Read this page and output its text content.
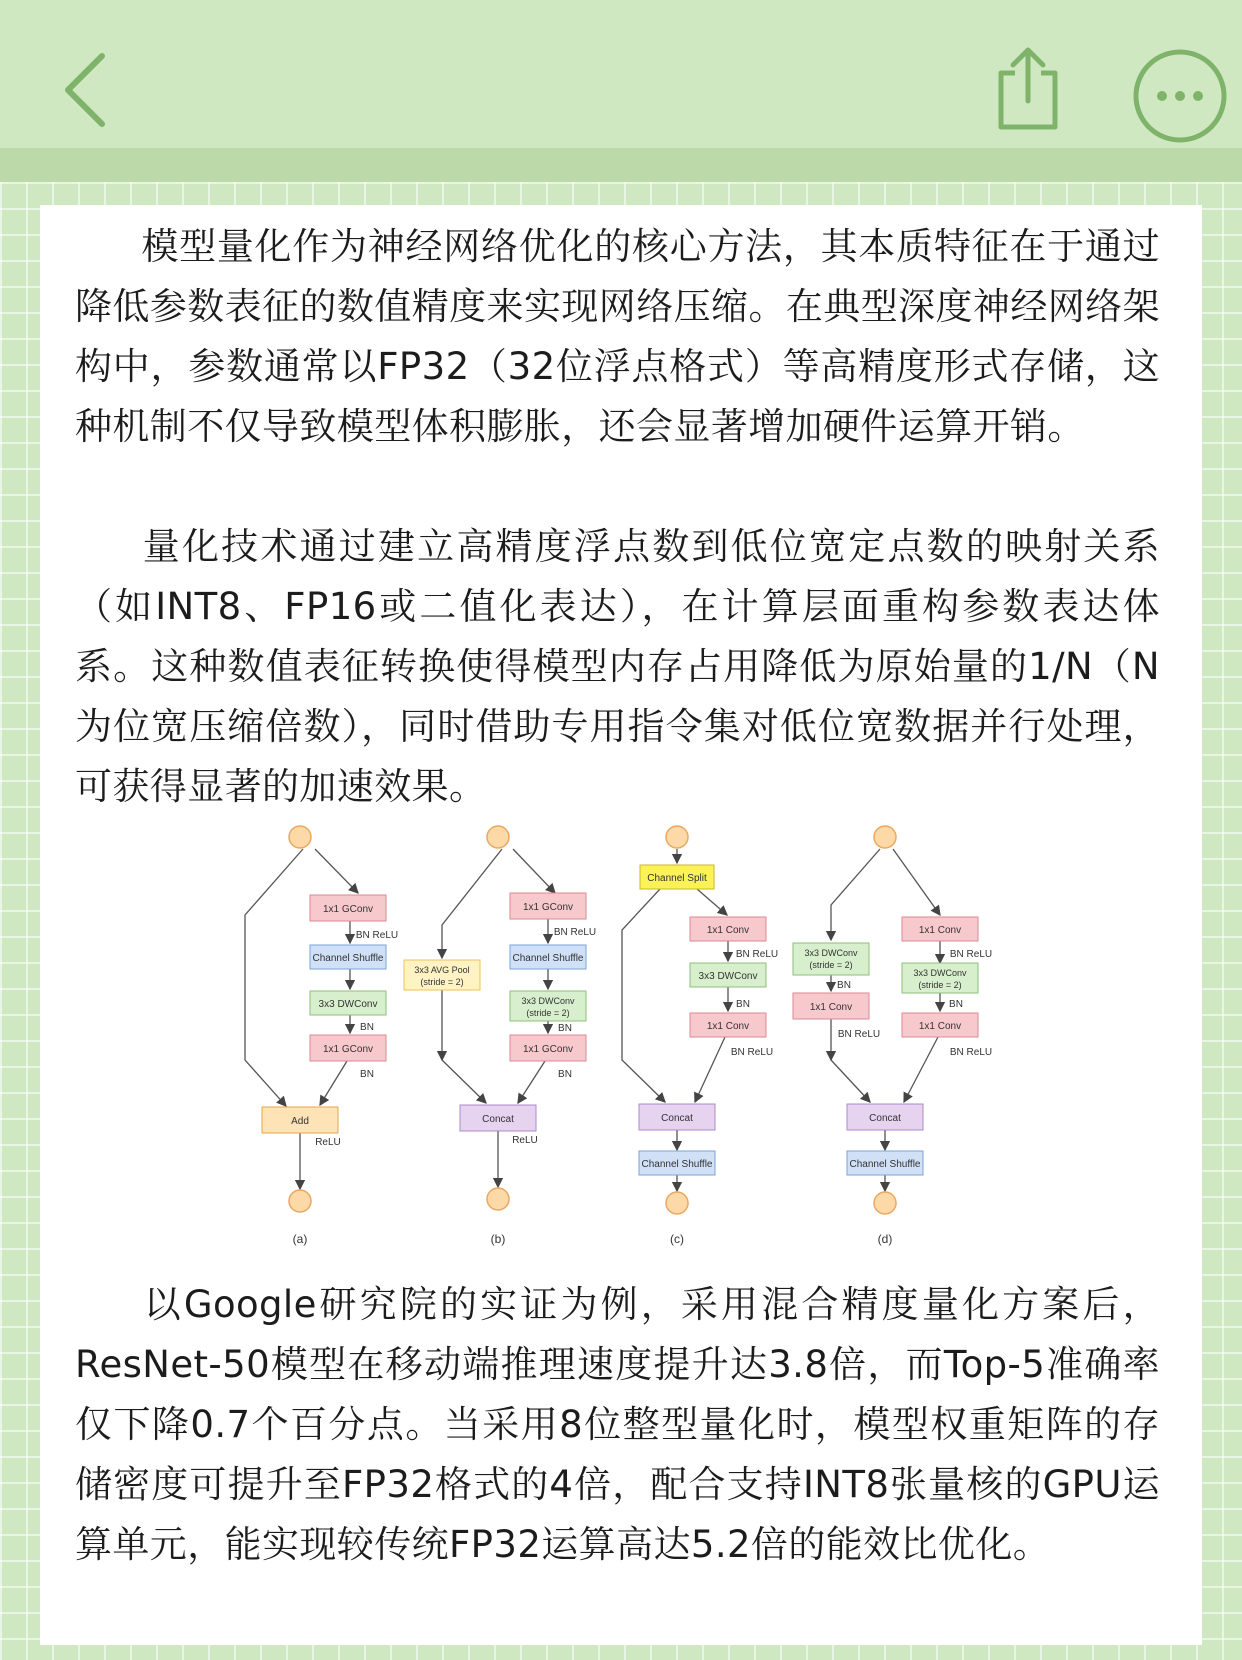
模型量化作为神经网络优化的核心方法，其本质特征在于通过降低参数表征的数值精度来实现网络压缩。在典型深度神经网络架构中，参数通常以FP32（32位浮点格式）等高精度形式存储，这种机制不仅导致模型体积膨胀，还会显著增加硬件运算开销。

量化技术通过建立高精度浮点数到低位宽定点数的映射关系（如INT8、FP16或二值化表达），在计算层面重构参数表达体系。这种数值表征转换使得模型内存占用降低为原始量的1/N（N为位宽压缩倍数），同时借助专用指令集对低位宽数据并行处理，可获得显著的加速效果。

1x1 GConv
BN ReLU
Channel Shuffle
3x3 DWConv
BN
1x1 GConv
BN
Add
ReLU
1x1 GConv
BN ReLU
Channel Shuffle
3x3 AVG Pool
(stride = 2)
3x3 DWConv
(stride = 2)
BN
1x1 GConv
BN
Concat
ReLU
Channel Split
1x1 Conv
BN ReLU
3x3 DWConv
BN
1x1 Conv
BN ReLU
Concat
Channel Shuffle
3x3 DWConv
(stride = 2)
BN
1x1 Conv
BN ReLU
1x1 Conv
BN ReLU
3x3 DWConv
(stride = 2)
BN
1x1 Conv
BN ReLU
Concat
Channel Shuffle
(a)	(b)	(c)	(d)

以Google研究院的实证为例，采用混合精度量化方案后，ResNet-50模型在移动端推理速度提升达3.8倍，而Top-5准确率仅下降0.7个百分点。当采用8位整型量化时，模型权重矩阵的存储密度可提升至FP32格式的4倍，配合支持INT8张量核的GPU运算单元，能实现较传统FP32运算高达5.2倍的能效比优化。
